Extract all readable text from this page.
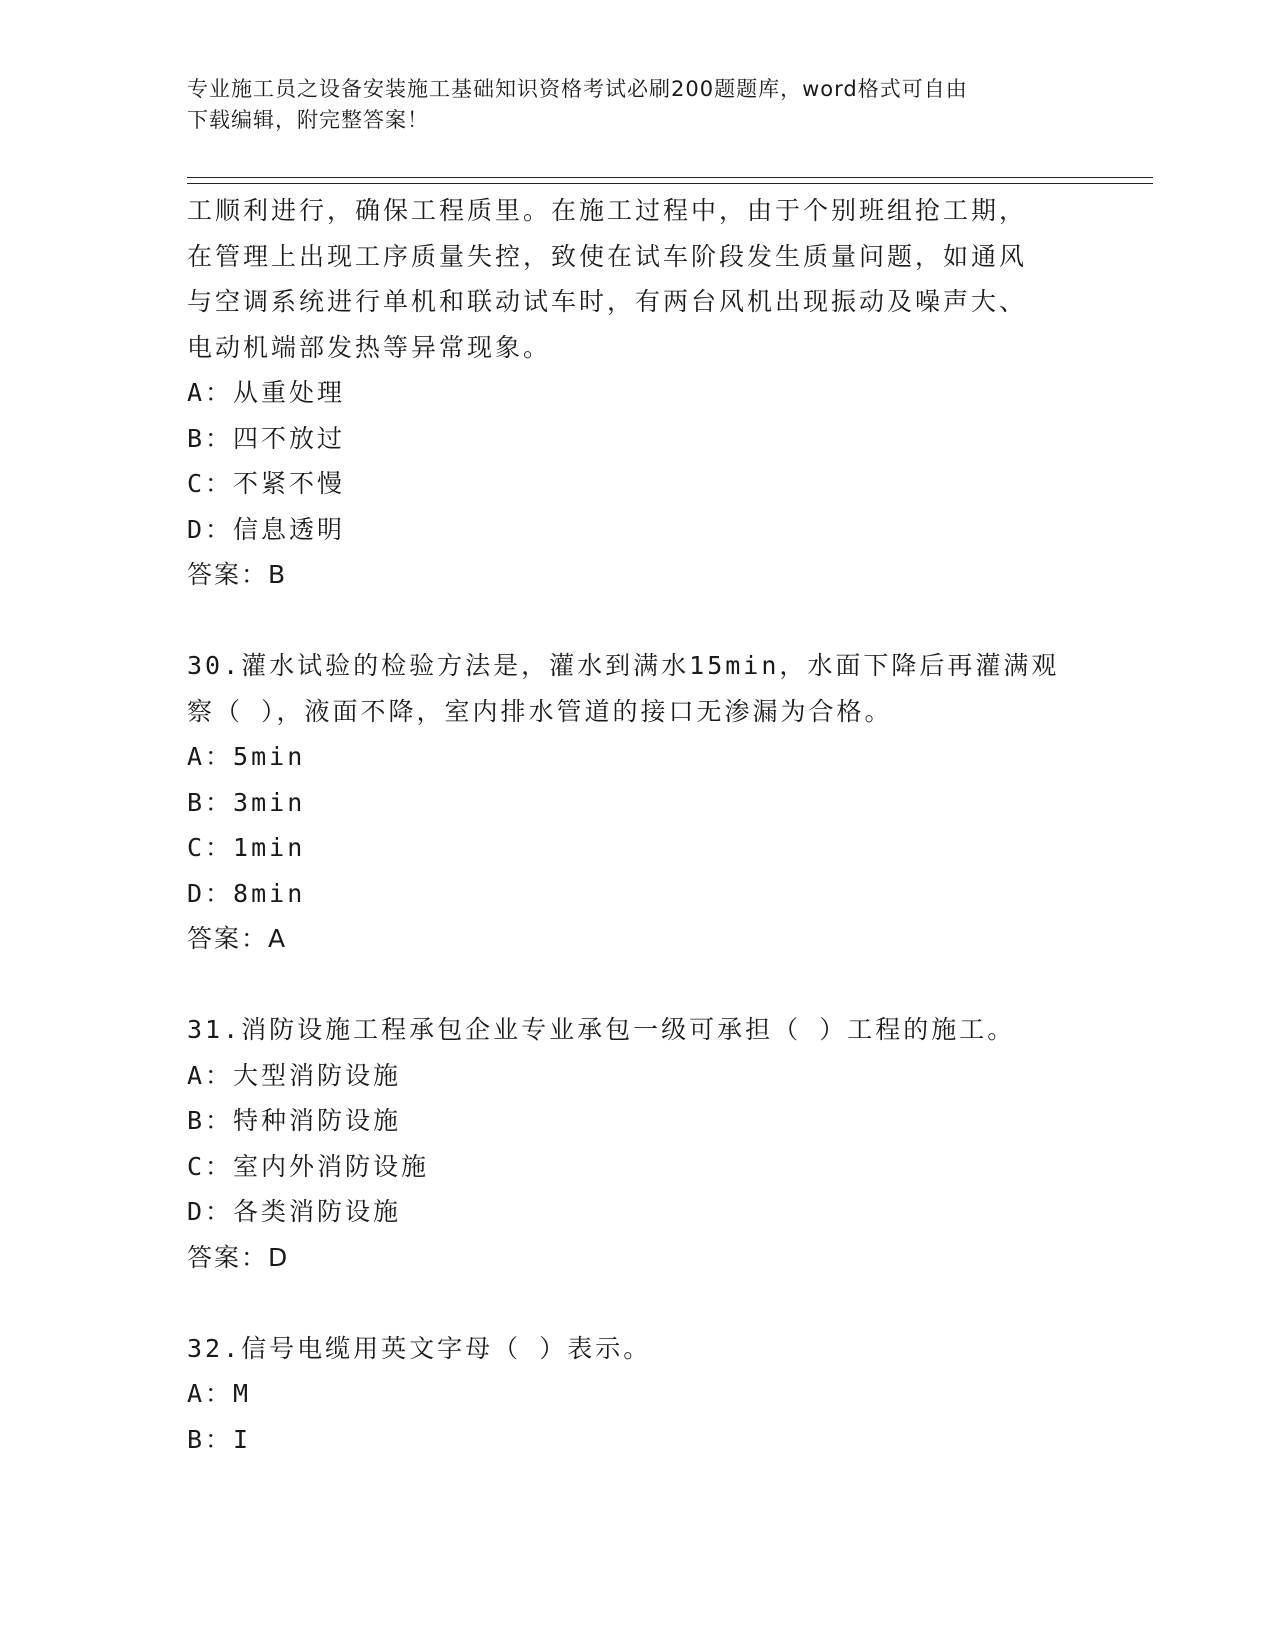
专业施工员之设备安装施工基础知识资格考试必刷200题题库，word格式可自由
下载编辑，附完整答案！
工顺利进行，确保工程质里。在施工过程中，由于个别班组抢工期，
在管理上出现工序质量失控，致使在试车阶段发生质量问题，如通风
与空调系统进行单机和联动试车时，有两台风机出现振动及噪声大、
电动机端部发热等异常现象。
A：从重处理
B：四不放过
C：不紧不慢
D：信息透明
答案：B
30.灌水试验的检验方法是，灌水到满水15min，水面下降后再灌满观
察（ ），液面不降，室内排水管道的接口无渗漏为合格。
A：5min
B：3min
C：1min
D：8min
答案：A
31.消防设施工程承包企业专业承包一级可承担（ ）工程的施工。
A：大型消防设施
B：特种消防设施
C：室内外消防设施
D：各类消防设施
答案：D
32.信号电缆用英文字母（ ）表示。
A：M
B：I
